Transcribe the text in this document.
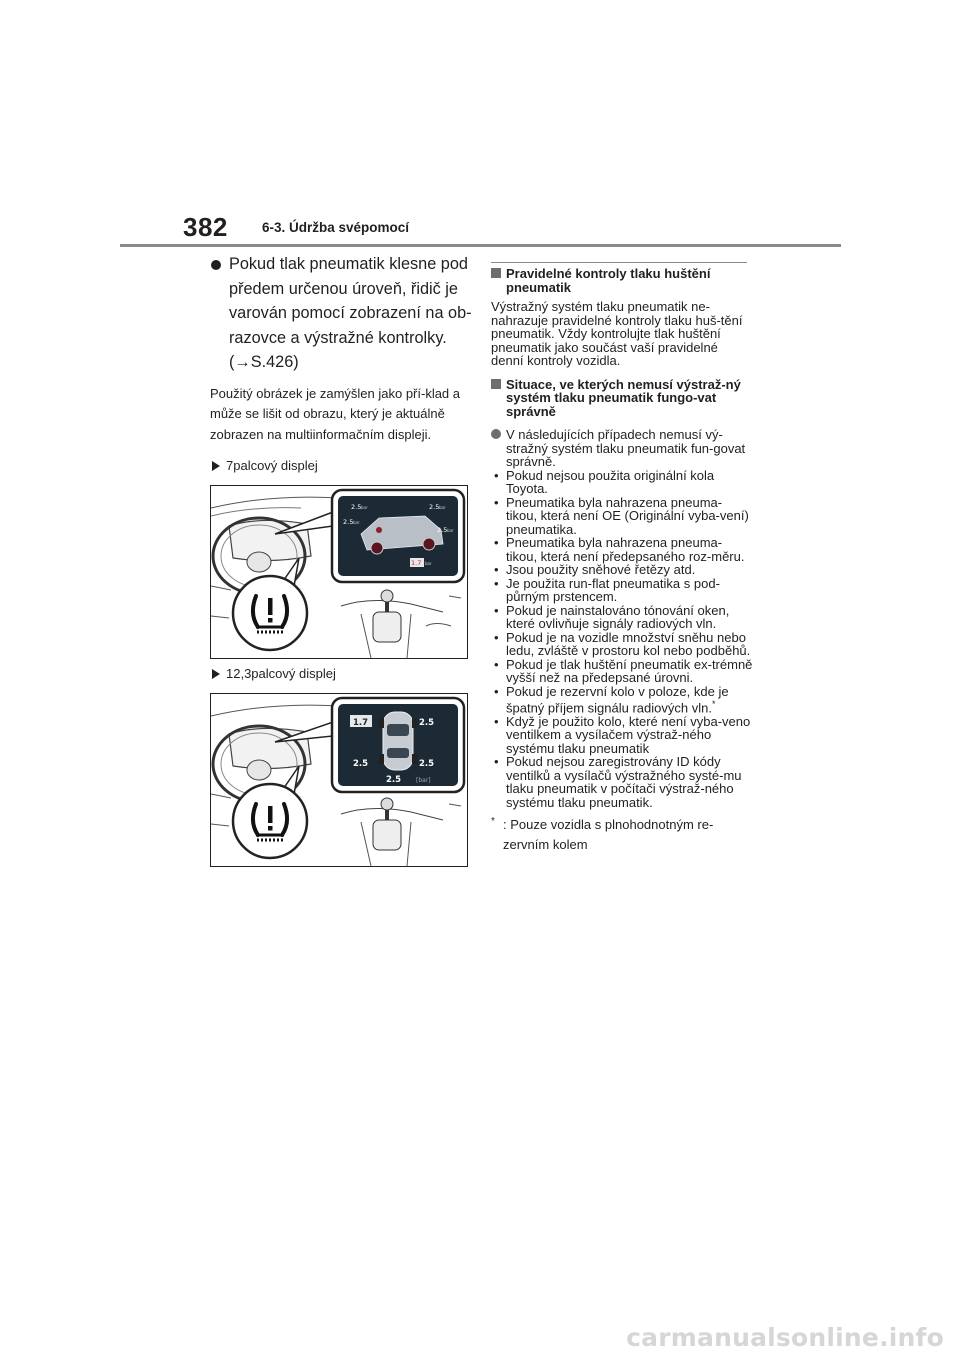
382	6-3. Údržba svépomocí
Pokud tlak pneumatik klesne pod předem určenou úroveň, řidič je varován pomocí zobrazení na ob-razovce a výstražné kontrolky.
(→S.426)
Použitý obrázek je zamýšlen jako pří-klad a může se lišit od obrazu, který je aktuálně zobrazen na multiinformačním displeji.
7palcový displej
2.5 bar	2.5 bar
2.5 bar
2.5 bar
1.7 bar
12,3palcový displej
1.7	2.5
2.5	2.5
2.5 [bar]
Pravidelné kontroly tlaku huštění pneumatik
Výstražný systém tlaku pneumatik ne-nahrazuje pravidelné kontroly tlaku huš-tění pneumatik. Vždy kontrolujte tlak huštění pneumatik jako součást vaší pravidelné denní kontroly vozidla.
Situace, ve kterých nemusí výstraž-ný systém tlaku pneumatik fungo-vat správně
V následujících případech nemusí vý-stražný systém tlaku pneumatik fun-govat správně.
• Pokud nejsou použita originální kola Toyota.
• Pneumatika byla nahrazena pneuma-tikou, která není OE (Originální vyba-vení) pneumatika.
• Pneumatika byla nahrazena pneuma-tikou, která není předepsaného roz-měru.
• Jsou použity sněhové řetězy atd.
• Je použita run-flat pneumatika s pod-půrným prstencem.
• Pokud je nainstalováno tónování oken, které ovlivňuje signály radiových vln.
• Pokud je na vozidle množství sněhu nebo ledu, zvláště v prostoru kol nebo podběhů.
• Pokud je tlak huštění pneumatik ex-trémně vyšší než na předepsané úrovni.
• Pokud je rezervní kolo v poloze, kde je špatný příjem signálu radiových vln.*
• Když je použito kolo, které není vyba-veno ventilkem a vysílačem výstraž-ného systému tlaku pneumatik
• Pokud nejsou zaregistrovány ID kódy ventilků a vysílačů výstražného systé-mu tlaku pneumatik v počítači výstraž-ného systému tlaku pneumatik.
* : Pouze vozidla s plnohodnotným re-zervním kolem
carmanualsonline.info
